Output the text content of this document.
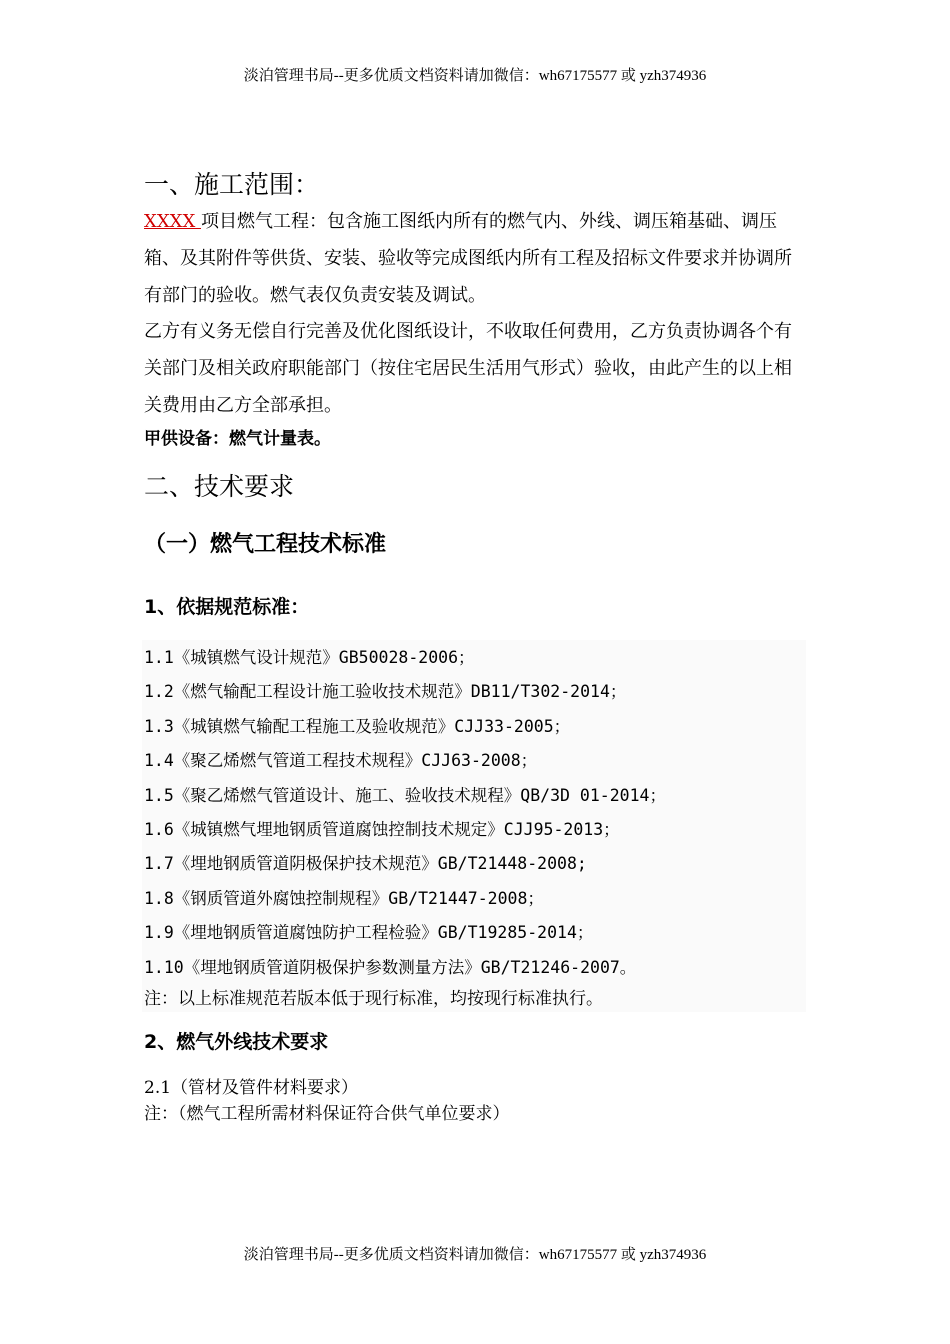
淡泊管理书局--更多优质文档资料请加微信：wh67175577 或 yzh374936
一、施工范围：
XXXX 项目燃气工程：包含施工图纸内所有的燃气内、外线、调压箱基础、调压箱、及其附件等供货、安装、验收等完成图纸内所有工程及招标文件要求并协调所有部门的验收。燃气表仅负责安装及调试。
乙方有义务无偿自行完善及优化图纸设计，不收取任何费用，乙方负责协调各个有关部门及相关政府职能部门（按住宅居民生活用气形式）验收，由此产生的以上相关费用由乙方全部承担。
甲供设备：燃气计量表。
二、技术要求
（一）燃气工程技术标准
1、依据规范标准：
1.1《城镇燃气设计规范》GB50028-2006；
1.2《燃气输配工程设计施工验收技术规范》DB11/T302-2014；
1.3《城镇燃气输配工程施工及验收规范》CJJ33-2005；
1.4《聚乙烯燃气管道工程技术规程》CJJ63-2008；
1.5《聚乙烯燃气管道设计、施工、验收技术规程》QB/3D 01-2014；
1.6《城镇燃气埋地钢质管道腐蚀控制技术规定》CJJ95-2013；
1.7《埋地钢质管道阴极保护技术规范》GB/T21448-2008;
1.8《钢质管道外腐蚀控制规程》GB/T21447-2008；
1.9《埋地钢质管道腐蚀防护工程检验》GB/T19285-2014；
1.10《埋地钢质管道阴极保护参数测量方法》GB/T21246-2007。
注：以上标准规范若版本低于现行标准，均按现行标准执行。
2、燃气外线技术要求
2.1（管材及管件材料要求）
注：（燃气工程所需材料保证符合供气单位要求）
淡泊管理书局--更多优质文档资料请加微信：wh67175577 或 yzh374936
